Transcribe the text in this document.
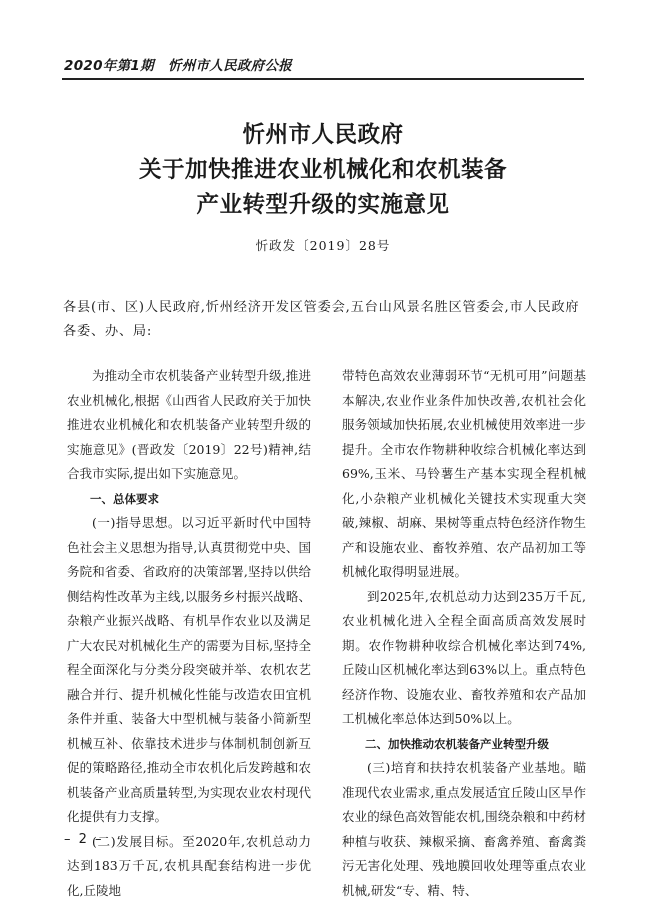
2020年第1期 忻州市人民政府公报
忻州市人民政府
关于加快推进农业机械化和农机装备
产业转型升级的实施意见
忻政发〔2019〕28号
各县(市、区)人民政府,忻州经济开发区管委会,五台山风景名胜区管委会,市人民政府各委、办、局:

为推动全市农机装备产业转型升级,推进农业机械化,根据《山西省人民政府关于加快推进农业机械化和农机装备产业转型升级的实施意见》(晋政发〔2019〕22号)精神,结合我市实际,提出如下实施意见。

一、总体要求

(一)指导思想。以习近平新时代中国特色社会主义思想为指导,认真贯彻党中央、国务院和省委、省政府的决策部署,坚持以供给侧结构性改革为主线,以服务乡村振兴战略、杂粮产业振兴战略、有机旱作农业以及满足广大农民对机械化生产的需要为目标,坚持全程全面深化与分类分段突破并举、农机农艺融合并行、提升机械化性能与改造农田宜机条件并重、装备大中型机械与装备小简新型机械互补、依靠技术进步与体制机制创新互促的策略路径,推动全市农机化后发跨越和农机装备产业高质量转型,为实现农业农村现代化提供有力支撑。

(二)发展目标。至2020年,农机总动力达到183万千瓦,农机具配套结构进一步优化,丘陵地

带特色高效农业薄弱环节“无机可用”问题基本解决,农业作业条件加快改善,农机社会化服务领域加快拓展,农业机械使用效率进一步提升。全市农作物耕种收综合机械化率达到69%,玉米、马铃薯生产基本实现全程机械化,小杂粮产业机械化关键技术实现重大突破,辣椒、胡麻、果树等重点特色经济作物生产和设施农业、畜牧养殖、农产品初加工等机械化取得明显进展。

到2025年,农机总动力达到235万千瓦,农业机械化进入全程全面高质高效发展时期。农作物耕种收综合机械化率达到74%,丘陵山区机械化率达到63%以上。重点特色经济作物、设施农业、畜牧养殖和农产品加工机械化率总体达到50%以上。

二、加快推动农机装备产业转型升级

(三)培育和扶持农机装备产业基地。瞄准现代农业需求,重点发展适宜丘陵山区旱作农业的绿色高效智能农机,围绕杂粮和中药材种植与收获、辣椒采摘、畜禽养殖、畜禽粪污无害化处理、残地膜回收处理等重点农业机械,研发“专、精、特、

– 2 –
